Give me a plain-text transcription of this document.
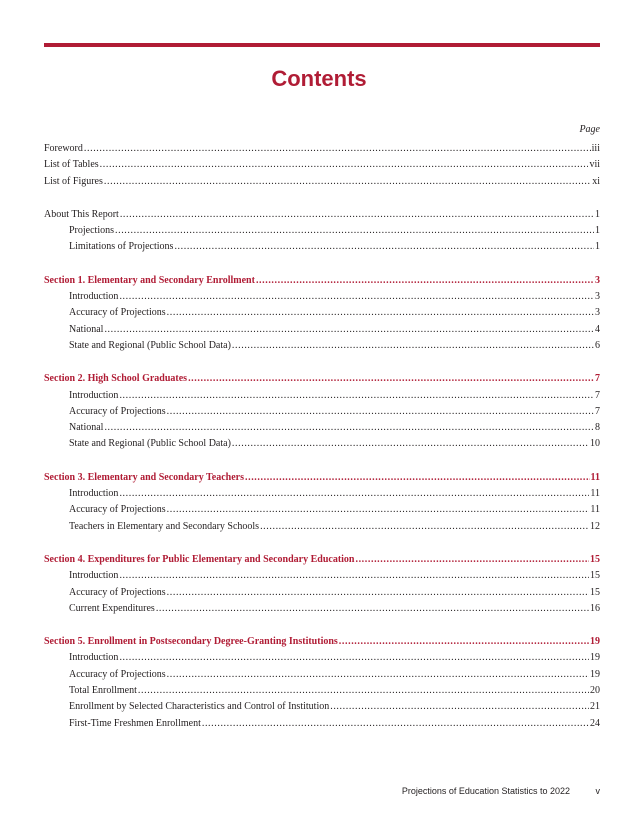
Contents
Page
Foreword .....	iii
List of Tables .....	vii
List of Figures .....	xi
About This Report .....	1
Projections .....	1
Limitations of Projections .....	1
Section 1. Elementary and Secondary Enrollment .....	3
Introduction .....	3
Accuracy of Projections .....	3
National .....	4
State and Regional (Public School Data) .....	6
Section 2. High School Graduates .....	7
Introduction .....	7
Accuracy of Projections .....	7
National .....	8
State and Regional (Public School Data) .....	10
Section 3. Elementary and Secondary Teachers .....	11
Introduction .....	11
Accuracy of Projections .....	11
Teachers in Elementary and Secondary Schools .....	12
Section 4. Expenditures for Public Elementary and Secondary Education .....	15
Introduction .....	15
Accuracy of Projections .....	15
Current Expenditures .....	16
Section 5. Enrollment in Postsecondary Degree-Granting Institutions .....	19
Introduction .....	19
Accuracy of Projections .....	19
Total Enrollment .....	20
Enrollment by Selected Characteristics and Control of Institution .....	21
First-Time Freshmen Enrollment .....	24
Projections of Education Statistics to 2022	v
